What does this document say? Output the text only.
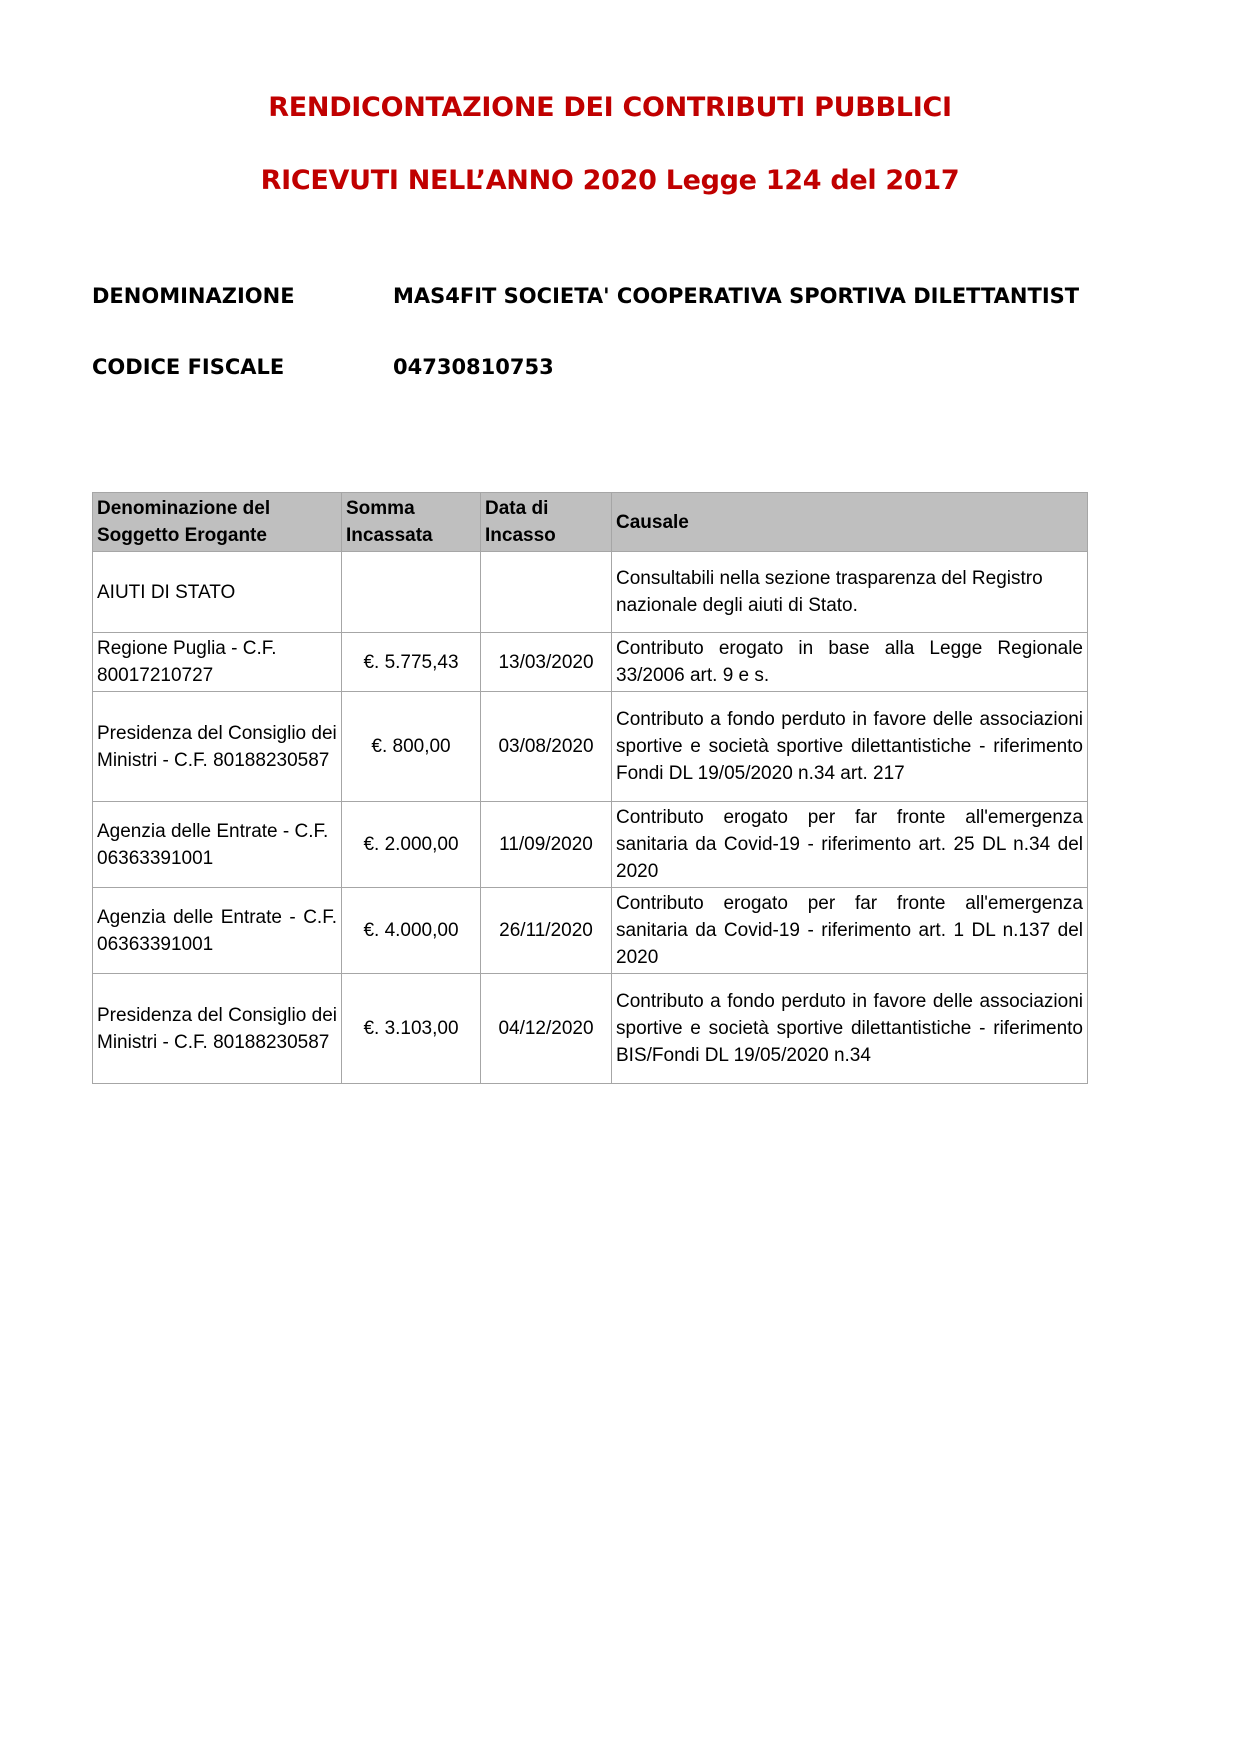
RENDICONTAZIONE DEI CONTRIBUTI PUBBLICI
RICEVUTI NELL’ANNO 2020 Legge 124 del 2017
DENOMINAZIONE	MAS4FIT SOCIETA' COOPERATIVA SPORTIVA DILETTANTIST
CODICE FISCALE	04730810753
Denominazione del Soggetto Erogante	Somma Incassata	Data di Incasso	Causale
AIUTI DI STATO			Consultabili nella sezione trasparenza del Registro nazionale degli aiuti di Stato.
Regione Puglia - C.F. 80017210727	€. 5.775,43	13/03/2020	Contributo erogato in base alla Legge Regionale 33/2006 art. 9 e s.
Presidenza del Consiglio dei Ministri - C.F. 80188230587	€. 800,00	03/08/2020	Contributo a fondo perduto in favore delle associazioni sportive e società sportive dilettantistiche - riferimento Fondi DL 19/05/2020 n.34 art. 217
Agenzia delle Entrate - C.F. 06363391001	€. 2.000,00	11/09/2020	Contributo erogato per far fronte all'emergenza sanitaria da Covid-19 - riferimento art. 25 DL n.34 del 2020
Agenzia delle Entrate - C.F. 06363391001	€. 4.000,00	26/11/2020	Contributo erogato per far fronte all'emergenza sanitaria da Covid-19 - riferimento art. 1 DL n.137 del 2020
Presidenza del Consiglio dei Ministri - C.F. 80188230587	€. 3.103,00	04/12/2020	Contributo a fondo perduto in favore delle associazioni sportive e società sportive dilettantistiche - riferimento BIS/Fondi DL 19/05/2020 n.34
